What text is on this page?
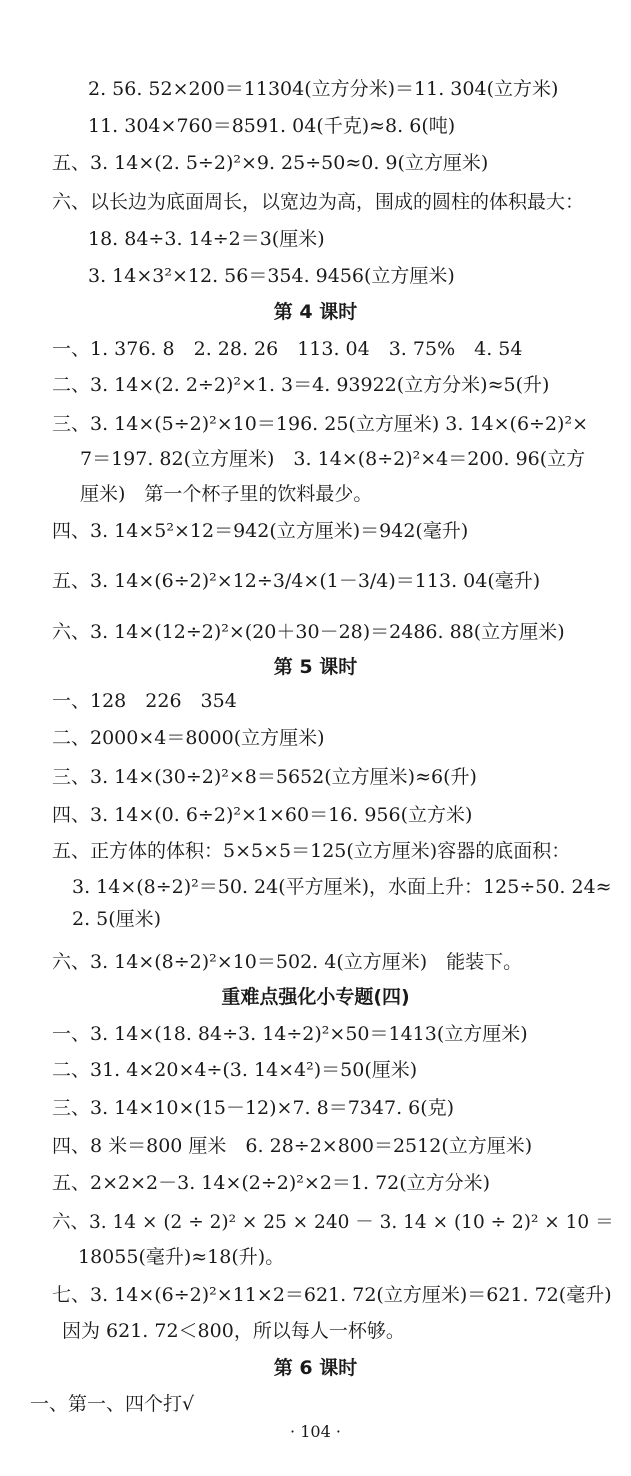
2. 56. 52×200＝11304(立方分米)＝11. 304(立方米)
11. 304×760＝8591. 04(千克)≈8. 6(吨)
五、3. 14×(2. 5÷2)²×9. 25÷50≈0. 9(立方厘米)
六、以长边为底面周长，以宽边为高，围成的圆柱的体积最大：
18. 84÷3. 14÷2＝3(厘米)
3. 14×3²×12. 56＝354. 9456(立方厘米)
第 4 课时
一、1. 376. 8　2. 28. 26　113. 04　3. 75%　4. 54
二、3. 14×(2. 2÷2)²×1. 3＝4. 93922(立方分米)≈5(升)
三、3. 14×(5÷2)²×10＝196. 25(立方厘米) 3. 14×(6÷2)²×
7＝197. 82(立方厘米)　3. 14×(8÷2)²×4＝200. 96(立方
厘米)　第一个杯子里的饮料最少。
四、3. 14×5²×12＝942(立方厘米)＝942(毫升)
五、3. 14×(6÷2)²×12÷3/4×(1－3/4)＝113. 04(毫升)
六、3. 14×(12÷2)²×(20＋30－28)＝2486. 88(立方厘米)
第 5 课时
一、128　226　354
二、2000×4＝8000(立方厘米)
三、3. 14×(30÷2)²×8＝5652(立方厘米)≈6(升)
四、3. 14×(0. 6÷2)²×1×60＝16. 956(立方米)
五、正方体的体积：5×5×5＝125(立方厘米)容器的底面积：
3. 14×(8÷2)²＝50. 24(平方厘米)，水面上升：125÷50. 24≈
2. 5(厘米)
六、3. 14×(8÷2)²×10＝502. 4(立方厘米)　能装下。
重难点强化小专题(四)
一、3. 14×(18. 84÷3. 14÷2)²×50＝1413(立方厘米)
二、31. 4×20×4÷(3. 14×4²)＝50(厘米)
三、3. 14×10×(15－12)×7. 8＝7347. 6(克)
四、8 米＝800 厘米　6. 28÷2×800＝2512(立方厘米)
五、2×2×2－3. 14×(2÷2)²×2＝1. 72(立方分米)
六、3. 14 × (2 ÷ 2)² × 25 × 240 － 3. 14 × (10 ÷ 2)² × 10 ＝
18055(毫升)≈18(升)。
七、3. 14×(6÷2)²×11×2＝621. 72(立方厘米)＝621. 72(毫升)
因为 621. 72＜800，所以每人一杯够。
第 6 课时
一、第一、四个打√
· 104 ·
